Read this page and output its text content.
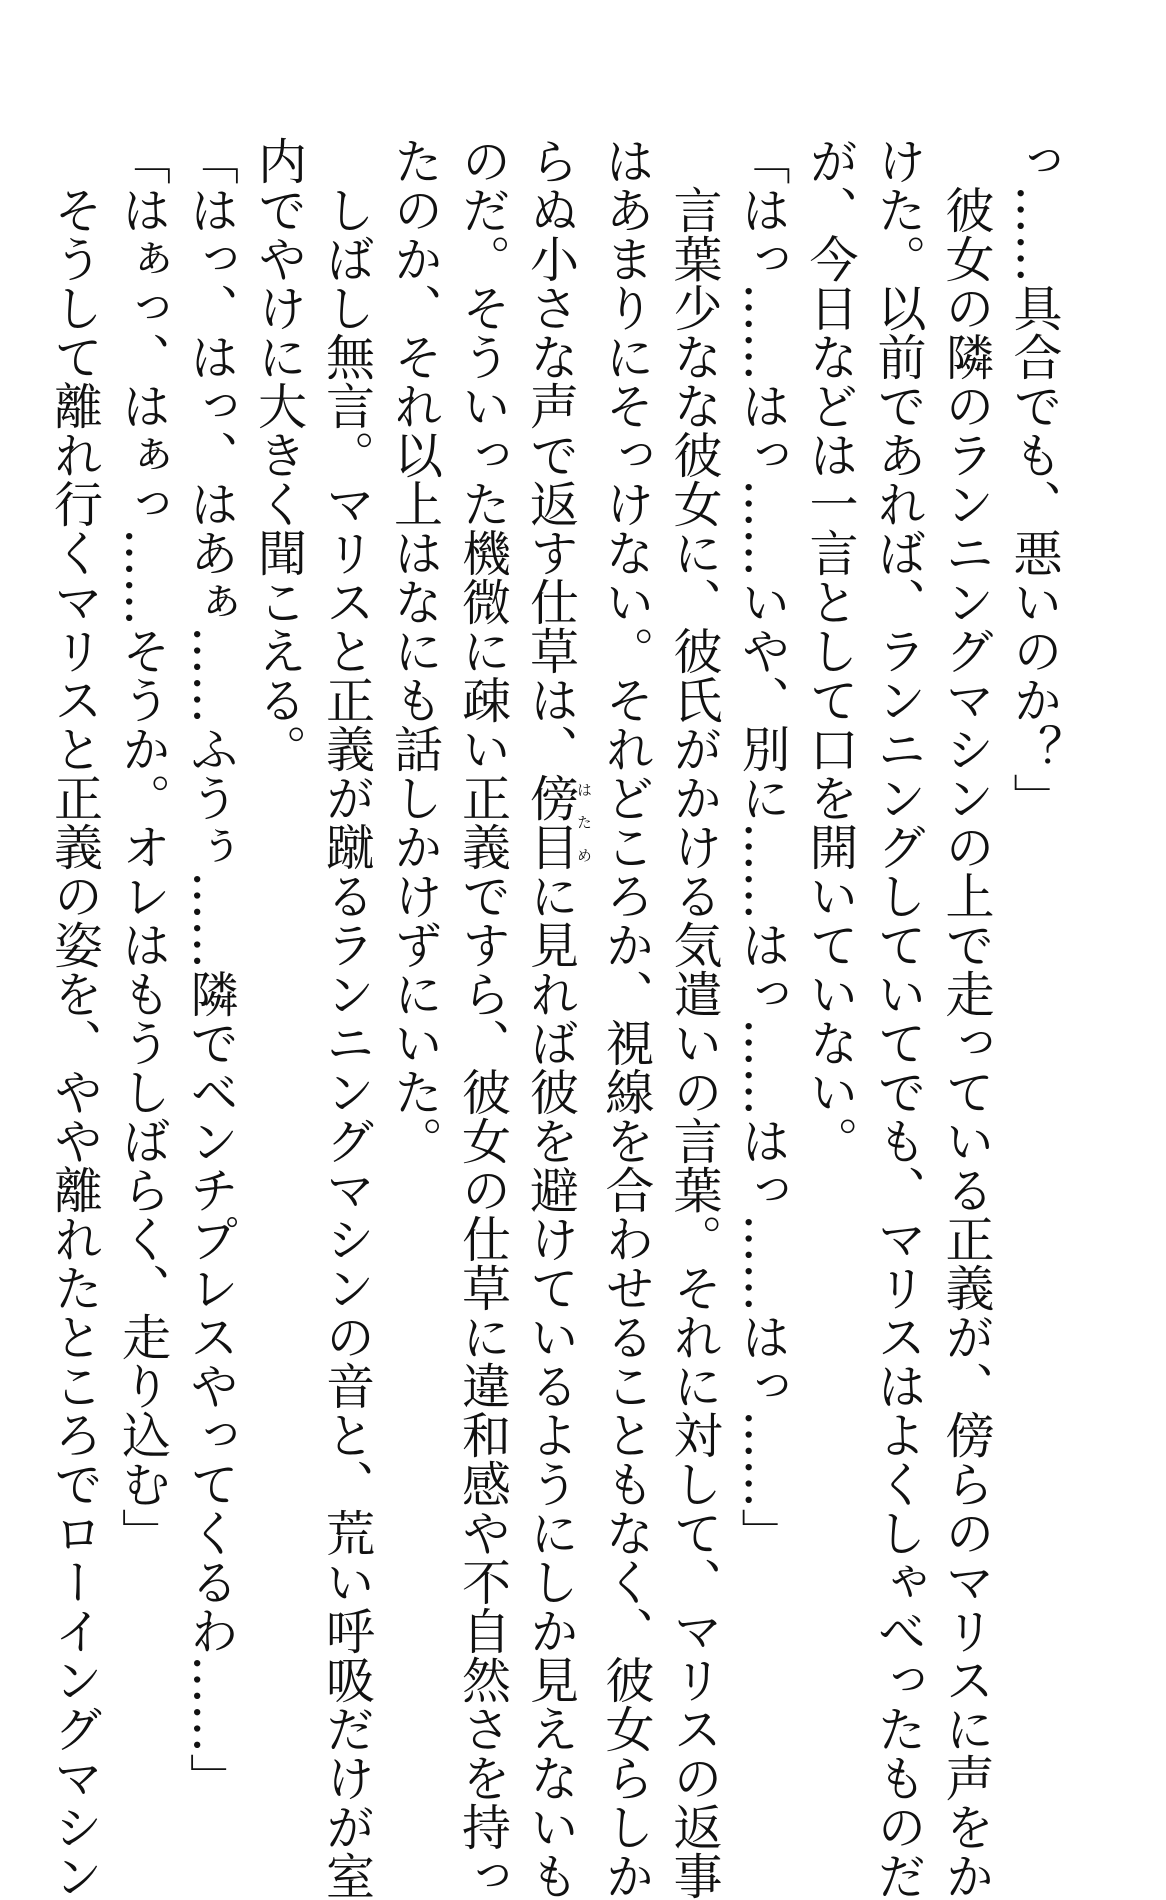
っ……具合でも、悪いのか？」
彼女の隣のランニングマシンの上で走っている正義が、傍らのマリスに声をか
けた。以前であれば、ランニングしていてでも、マリスはよくしゃべったものだ
が、今日などは一言として口を開いていない。
「はっ……はっ……いや、別に……はっ……はっ……はっ……」
言葉少なな彼女に、彼氏がかける気遣いの言葉。それに対して、マリスの返事
はあまりにそっけない。それどころか、視線を合わせることもなく、彼女らしか
らぬ小さな声で返す仕草は、傍目はために見れば彼を避けているようにしか見えないも
のだ。そういった機微に疎い正義ですら、彼女の仕草に違和感や不自然さを持っ
たのか、それ以上はなにも話しかけずにいた。
しばし無言。マリスと正義が蹴るランニングマシンの音と、荒い呼吸だけが室
内でやけに大きく聞こえる。
「はっ、はっ、はあぁ……ふうぅ……隣でベンチプレスやってくるわ……」
「はぁっ、はぁっ……そうか。オレはもうしばらく、走り込む」
そうして離れ行くマリスと正義の姿を、やや離れたところでローイングマシン
